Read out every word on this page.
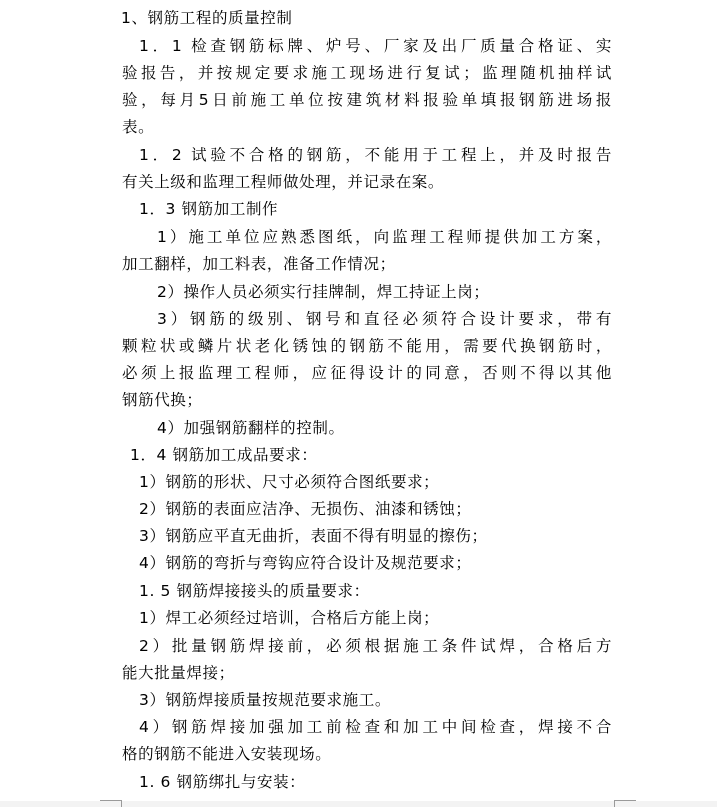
1、钢筋工程的质量控制
1．1 检查钢筋标牌、炉号、厂家及出厂质量合格证、实
验报告，并按规定要求施工现场进行复试；监理随机抽样试
验，每月5日前施工单位按建筑材料报验单填报钢筋进场报
表。
1．2 试验不合格的钢筋，不能用于工程上，并及时报告
有关上级和监理工程师做处理，并记录在案。
1．3 钢筋加工制作
1）施工单位应熟悉图纸，向监理工程师提供加工方案，
加工翻样，加工料表，准备工作情况；
2）操作人员必须实行挂牌制，焊工持证上岗；
3）钢筋的级别、钢号和直径必须符合设计要求，带有
颗粒状或鳞片状老化锈蚀的钢筋不能用，需要代换钢筋时，
必须上报监理工程师，应征得设计的同意，否则不得以其他
钢筋代换；
4）加强钢筋翻样的控制。
1．4 钢筋加工成品要求：
1）钢筋的形状、尺寸必须符合图纸要求；
2）钢筋的表面应洁净、无损伤、油漆和锈蚀；
3）钢筋应平直无曲折，表面不得有明显的擦伤；
4）钢筋的弯折与弯钩应符合设计及规范要求；
1. 5 钢筋焊接接头的质量要求：
1）焊工必须经过培训，合格后方能上岗；
2）批量钢筋焊接前，必须根据施工条件试焊，合格后方
能大批量焊接；
3）钢筋焊接质量按规范要求施工。
4）钢筋焊接加强加工前检查和加工中间检查，焊接不合
格的钢筋不能进入安装现场。
1. 6 钢筋绑扎与安装：
